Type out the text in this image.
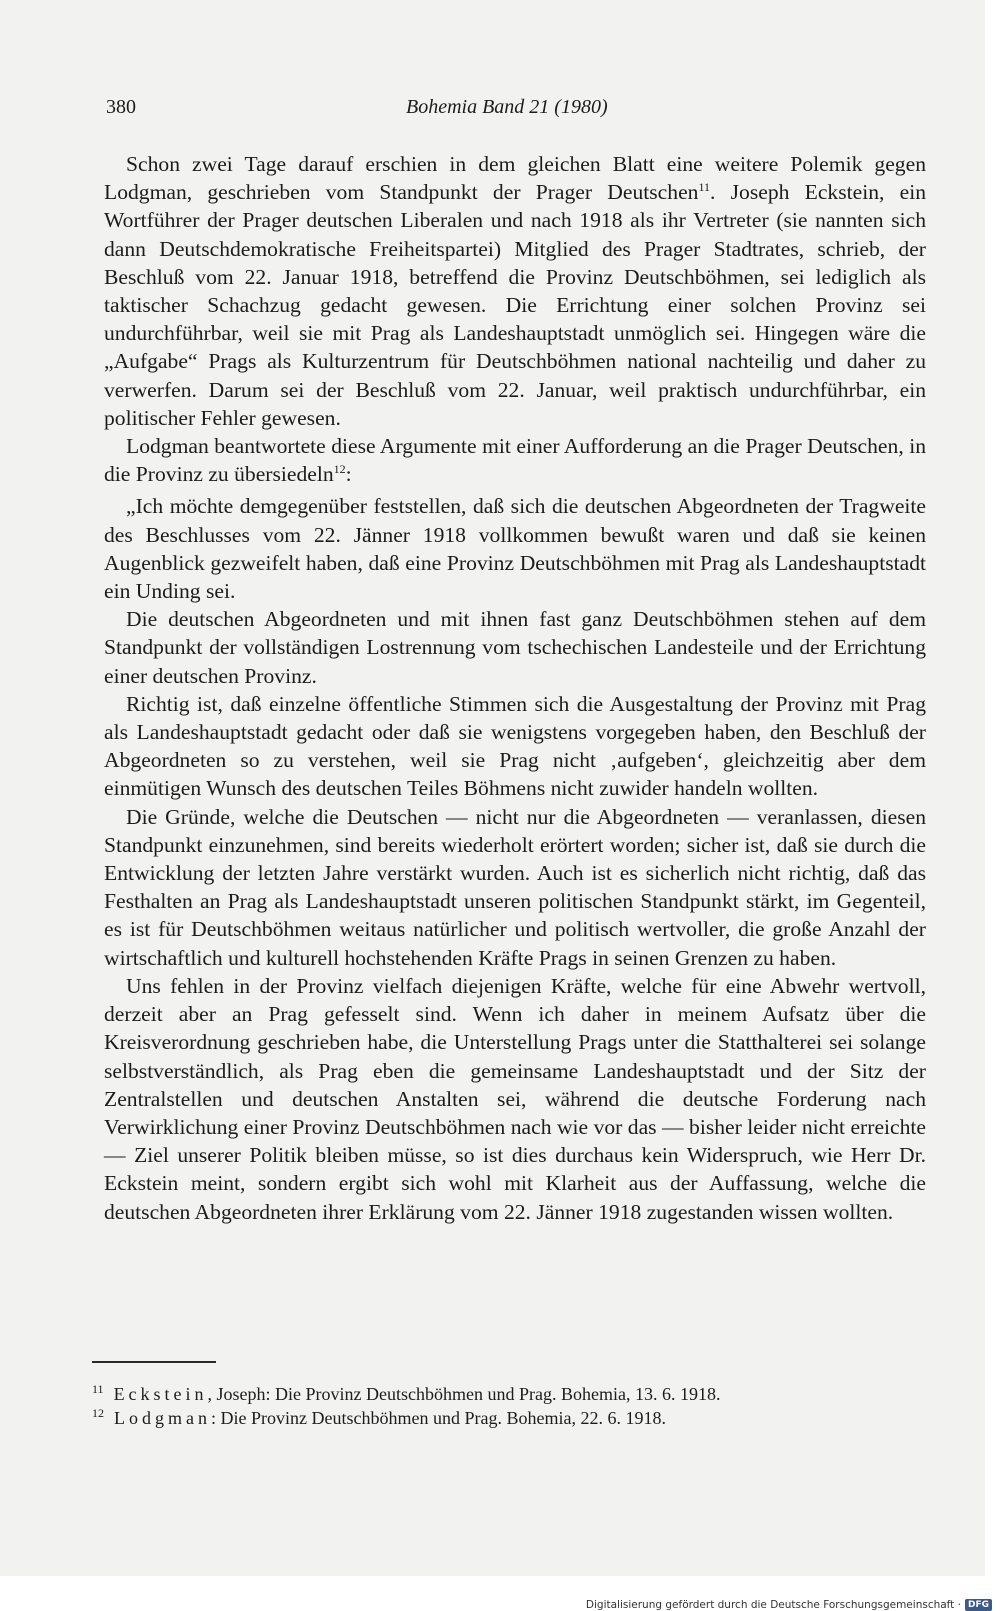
380	Bohemia Band 21 (1980)

Schon zwei Tage darauf erschien in dem gleichen Blatt eine weitere Polemik gegen Lodgman, geschrieben vom Standpunkt der Prager Deutschen$^{11}$. Joseph Eckstein, ein Wortführer der Prager deutschen Liberalen und nach 1918 als ihr Vertreter (sie nannten sich dann Deutschdemokratische Freiheitspartei) Mitglied des Prager Stadtrates, schrieb, der Beschluß vom 22. Januar 1918, betreffend die Provinz Deutschböhmen, sei lediglich als taktischer Schachzug gedacht gewesen. Die Errichtung einer solchen Provinz sei undurchführbar, weil sie mit Prag als Landeshauptstadt unmöglich sei. Hingegen wäre die „Aufgabe“ Prags als Kulturzentrum für Deutschböhmen national nachteilig und daher zu verwerfen. Darum sei der Beschluß vom 22. Januar, weil praktisch undurchführbar, ein politischer Fehler gewesen.

Lodgman beantwortete diese Argumente mit einer Aufforderung an die Prager Deutschen, in die Provinz zu übersiedeln$^{12}$:

„Ich möchte demgegenüber feststellen, daß sich die deutschen Abgeordneten der Tragweite des Beschlusses vom 22. Jänner 1918 vollkommen bewußt waren und daß sie keinen Augenblick gezweifelt haben, daß eine Provinz Deutschböhmen mit Prag als Landeshauptstadt ein Unding sei.

Die deutschen Abgeordneten und mit ihnen fast ganz Deutschböhmen stehen auf dem Standpunkt der vollständigen Lostrennung vom tschechischen Landesteile und der Errichtung einer deutschen Provinz.

Richtig ist, daß einzelne öffentliche Stimmen sich die Ausgestaltung der Provinz mit Prag als Landeshauptstadt gedacht oder daß sie wenigstens vorgegeben haben, den Beschluß der Abgeordneten so zu verstehen, weil sie Prag nicht ‚aufgeben‘, gleichzeitig aber dem einmütigen Wunsch des deutschen Teiles Böhmens nicht zuwider handeln wollten.

Die Gründe, welche die Deutschen — nicht nur die Abgeordneten — veranlassen, diesen Standpunkt einzunehmen, sind bereits wiederholt erörtert worden; sicher ist, daß sie durch die Entwicklung der letzten Jahre verstärkt wurden. Auch ist es sicherlich nicht richtig, daß das Festhalten an Prag als Landeshauptstadt unseren politischen Standpunkt stärkt, im Gegenteil, es ist für Deutschböhmen weitaus natürlicher und politisch wertvoller, die große Anzahl der wirtschaftlich und kulturell hochstehenden Kräfte Prags in seinen Grenzen zu haben.

Uns fehlen in der Provinz vielfach diejenigen Kräfte, welche für eine Abwehr wertvoll, derzeit aber an Prag gefesselt sind. Wenn ich daher in meinem Aufsatz über die Kreisverordnung geschrieben habe, die Unterstellung Prags unter die Statthalterei sei solange selbstverständlich, als Prag eben die gemeinsame Landeshauptstadt und der Sitz der Zentralstellen und deutschen Anstalten sei, während die deutsche Forderung nach Verwirklichung einer Provinz Deutschböhmen nach wie vor das — bisher leider nicht erreichte — Ziel unserer Politik bleiben müsse, so ist dies durchaus kein Widerspruch, wie Herr Dr. Eckstein meint, sondern ergibt sich wohl mit Klarheit aus der Auffassung, welche die deutschen Abgeordneten ihrer Erklärung vom 22. Jänner 1918 zugestanden wissen wollten.

$^{11}$ Eckstein, Joseph: Die Provinz Deutschböhmen und Prag. Bohemia, 13. 6. 1918.

$^{12}$ Lodgman: Die Provinz Deutschböhmen und Prag. Bohemia, 22. 6. 1918.

Digitalisierung gefördert durch die Deutsche Forschungsgemeinschaft · DFG
